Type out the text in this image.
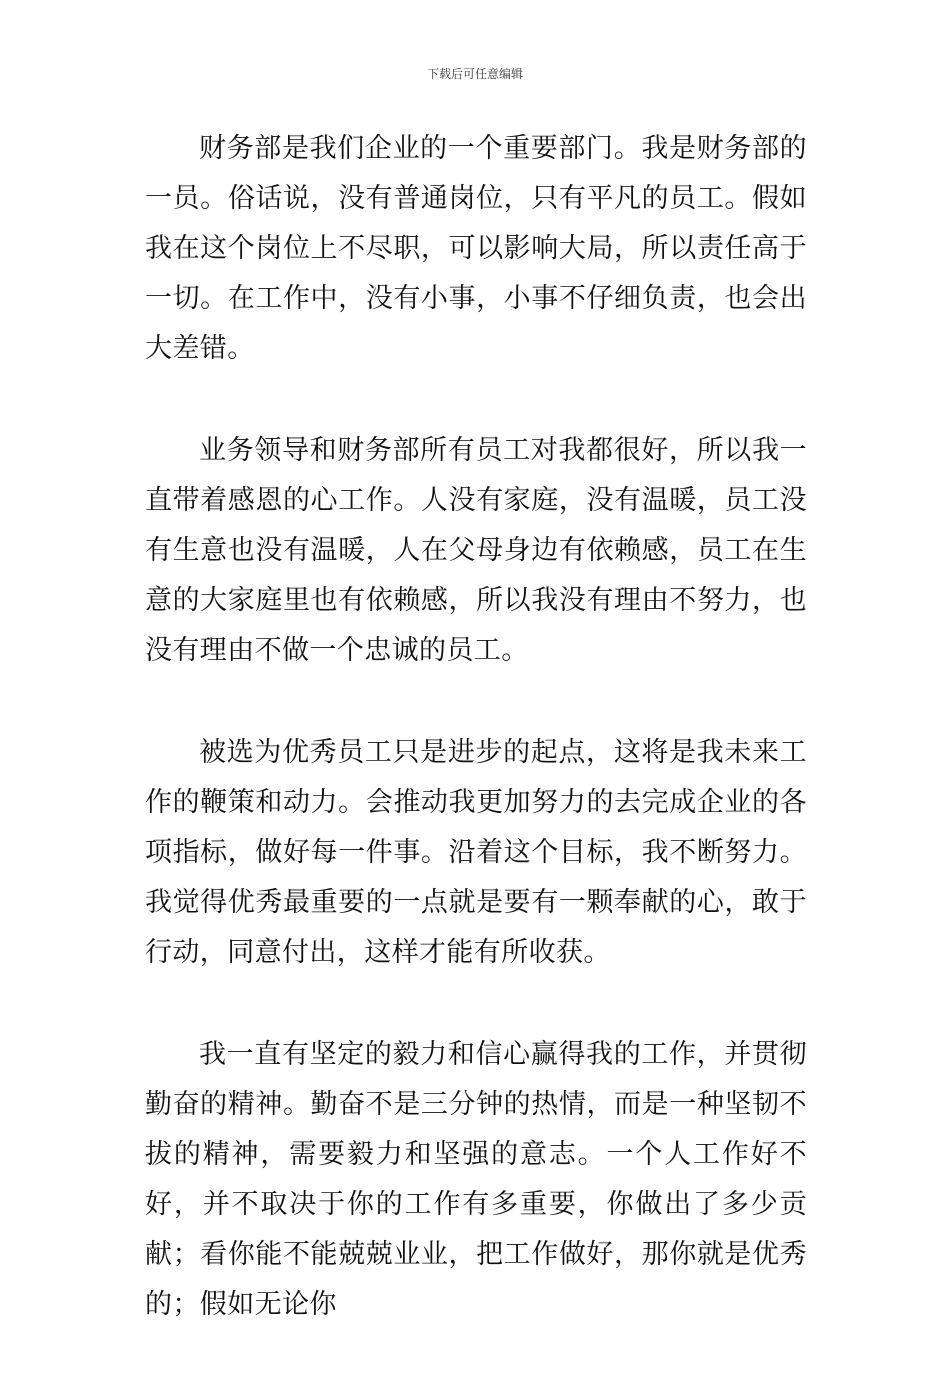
下载后可任意编辑

财务部是我们企业的一个重要部门。我是财务部的一员。俗话说，没有普通岗位，只有平凡的员工。假如我在这个岗位上不尽职，可以影响大局，所以责任高于一切。在工作中，没有小事，小事不仔细负责，也会出大差错。

业务领导和财务部所有员工对我都很好，所以我一直带着感恩的心工作。人没有家庭，没有温暖，员工没有生意也没有温暖，人在父母身边有依赖感，员工在生意的大家庭里也有依赖感，所以我没有理由不努力，也没有理由不做一个忠诚的员工。

被选为优秀员工只是进步的起点，这将是我未来工作的鞭策和动力。会推动我更加努力的去完成企业的各项指标，做好每一件事。沿着这个目标，我不断努力。我觉得优秀最重要的一点就是要有一颗奉献的心，敢于行动，同意付出，这样才能有所收获。

我一直有坚定的毅力和信心赢得我的工作，并贯彻勤奋的精神。勤奋不是三分钟的热情，而是一种坚韧不拔的精神，需要毅力和坚强的意志。一个人工作好不好，并不取决于你的工作有多重要，你做出了多少贡献；看你能不能兢兢业业，把工作做好，那你就是优秀的；假如无论你
